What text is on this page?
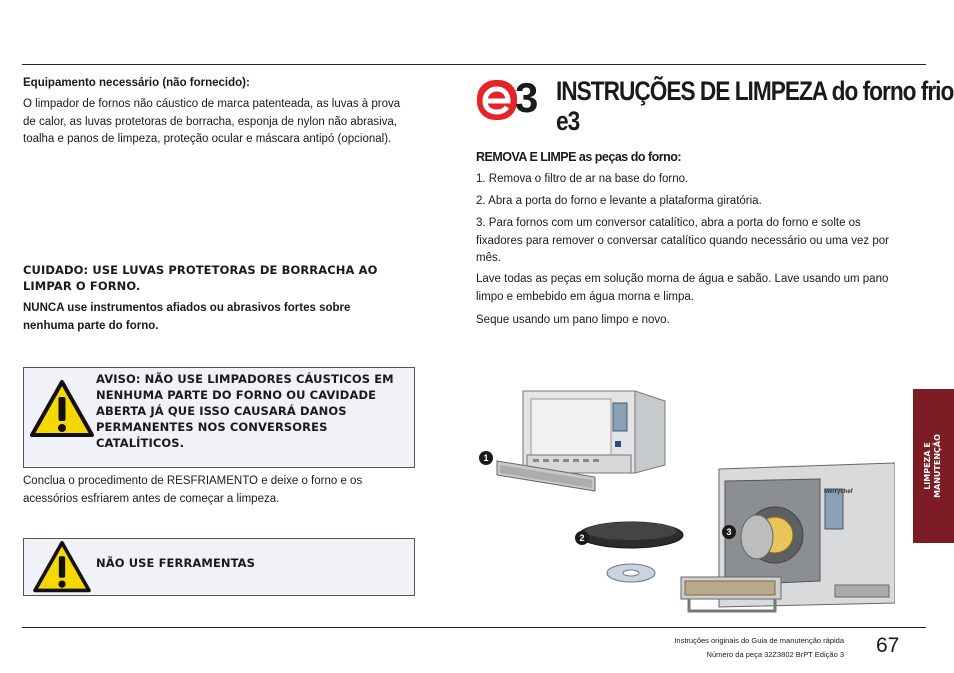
Equipamento necessário (não fornecido):
O limpador de fornos não cáustico de marca patenteada, as luvas à prova de calor, as luvas protetoras de borracha, esponja de nylon não abrasiva, toalha e panos de limpeza, proteção ocular e máscara antipó (opcional).
CUIDADO: USE LUVAS PROTETORAS DE BORRACHA AO LIMPAR O FORNO.
NUNCA use instrumentos afiados ou abrasivos fortes sobre nenhuma parte do forno.
AVISO: NÃO USE LIMPADORES CÁUSTICOS EM NENHUMA PARTE DO FORNO OU CAVIDADE ABERTA JÁ QUE ISSO CAUSARÁ DANOS PERMANENTES NOS CONVERSORES CATALÍTICOS.
Conclua o procedimento de RESFRIAMENTO e deixe o forno e os acessórios esfriarem antes de começar a limpeza.
NÃO USE FERRAMENTAS
3 INSTRUÇÕES DE LIMPEZA do forno frio
e3
REMOVA E LIMPE as peças do forno:
1. Remova o filtro de ar na base do forno.
2. Abra a porta do forno e levante a plataforma giratória.
3. Para fornos com um conversor catalítico, abra a porta do forno e solte os fixadores para remover o conversar catalítico quando necessário ou uma vez por mês.
Lave todas as peças em solução morna de água e sabão. Lave usando um pano limpo e embebido em água morna e limpa.
Seque usando um pano limpo e novo.
Merrychef
1
2
3
LIMPEZA E MANUTENÇÃO
Instruções originais do Guia de manutenção rápida
Número da peça 32Z3802 BrPT Edição 3 67
